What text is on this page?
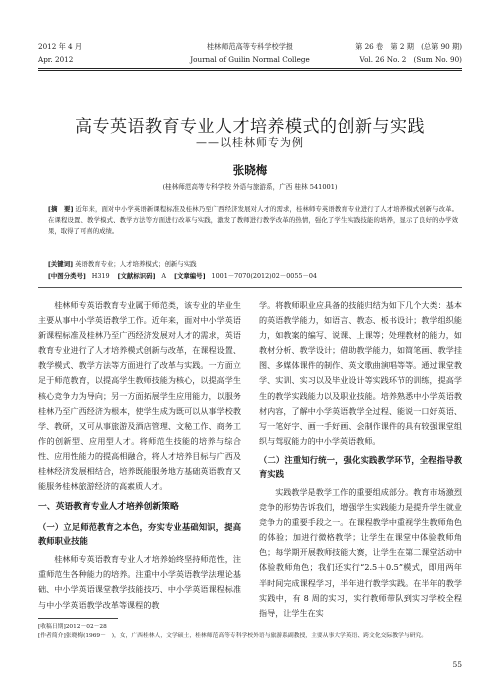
2012 年 4 月
Apr. 2012
桂林师范高等专科学校学报
Journal of Guilin Normal College
第 26 卷　第 2 期　(总第 90 期)
Vol. 26 No. 2　(Sum No. 90)
高专英语教育专业人才培养模式的创新与实践
——以桂林师专为例
张晓梅
(桂林师范高等专科学校 外语与旅游系，广西 桂林 541001)
[摘　要] 近年来，面对中小学英语新课程标准及桂林乃至广西经济发展对人才的需求，桂林师专英语教育专业进行了人才培养模式创新与改革。在课程设置、教学模式、教学方法等方面进行改革与实践，激发了教师进行教学改革的热情，强化了学生实践技能的培养，显示了良好的办学效果，取得了可喜的成绩。
[关键词] 英语教育专业；人才培养模式；创新与实践
[中图分类号] H319 [文献标识码] A [文章编号] 1001－7070(2012)02－0055－04

桂林师专英语教育专业属于师范类，该专业的毕业生主要从事中小学英语教学工作。近年来，面对中小学英语新课程标准及桂林乃至广西经济发展对人才的需求，英语教育专业进行了人才培养模式创新与改革，在课程设置、教学模式、教学方法等方面进行了改革与实践。一方面立足于师范教育，以提高学生教师技能为核心，以提高学生核心竞争力为导向；另一方面拓展学生应用能力，以服务桂林乃至广西经济为根本，使学生成为既可以从事学校教学、教研，又可从事旅游及酒店管理、文秘工作、商务工作的创新型、应用型人才。将师范生技能的培养与综合性、应用性能力的提高相融合，将人才培养目标与广西及桂林经济发展相结合，培养既能服务地方基础英语教育又能服务桂林旅游经济的高素质人才。

一、英语教育专业人才培养创新策略
（一）立足师范教育之本色，夯实专业基础知识，提高教师职业技能

桂林师专英语教育专业人才培养始终坚持师范性，注重师范生各种能力的培养。注重中小学英语教学法理论基础、中小学英语课堂教学技能技巧、中小学英语课程标准与中小学英语教学改革等课程的教

学。将教师职业应具备的技能归结为如下几个大类：基本的英语教学能力，如语言、教态、板书设计；教学组织能力，如教案的编写、说课、上课等；处理教材的能力，如教材分析、教学设计；借助教学能力，如简笔画、教学挂图、多媒体课件的制作、英文歌曲演唱等等。通过课堂教学、实训、实习以及毕业设计等实践环节的训练，提高学生的教学实践能力以及职业技能。培养熟悉中小学英语教材内容，了解中小学英语教学全过程、能说一口好英语、写一笔好字、画一手好画、会制作课件的具有较强课堂组织与驾驭能力的中小学英语教师。

（二）注重知行统一，强化实践教学环节，全程指导教育实践

实践教学是教学工作的重要组成部分。教育市场激烈竞争的形势告诉我们，增强学生实践能力是提升学生就业竞争力的重要手段之一。在课程教学中重视学生教师角色的体验；加进行微格教学；让学生在课堂中体验教师角色；每学期开展教师技能大赛，让学生在第二课堂活动中体验教师角色；我们还实行“2.5＋0.5”模式，即用两年半时间完成课程学习，半年进行教学实践。在半年的教学实践中，有 8 周的实习，实行教师带队到实习学校全程指导，让学生在实

[收稿日期]2012－02－28
[作者简介]张晓梅(1969－　)，女，广西桂林人，文学硕士，桂林师范高等专科学校外语与旅游系副教授，主要从事大学英语、跨文化交际教学与研究。
55
